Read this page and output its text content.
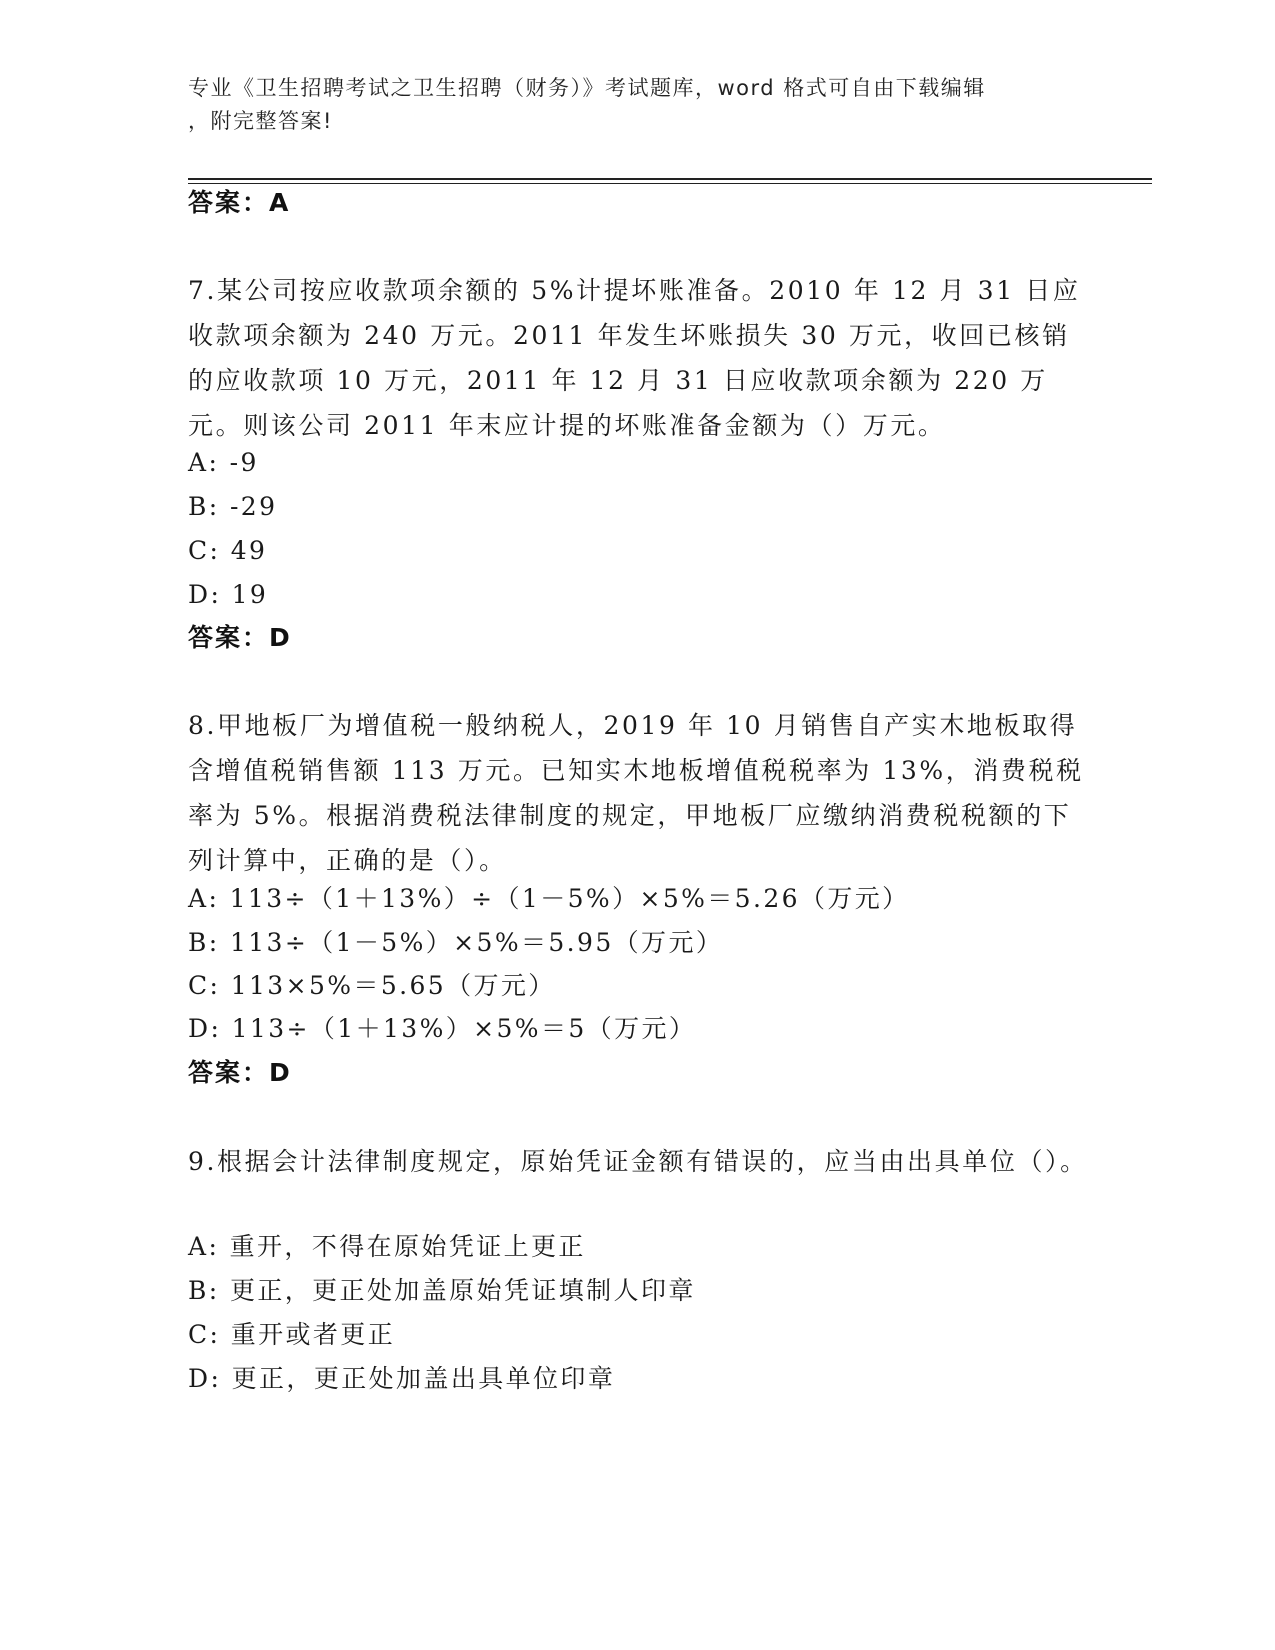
专业《卫生招聘考试之卫生招聘（财务）》考试题库，word 格式可自由下载编辑
，附完整答案!
答案：A
7.某公司按应收款项余额的 5%计提坏账准备。2010 年 12 月 31 日应收款项余额为 240 万元。2011 年发生坏账损失 30 万元，收回已核销的应收款项 10 万元，2011 年 12 月 31 日应收款项余额为 220 万元。则该公司 2011 年末应计提的坏账准备金额为（）万元。
A: -9
B: -29
C: 49
D: 19
答案：D
8.甲地板厂为增值税一般纳税人，2019 年 10 月销售自产实木地板取得含增值税销售额 113 万元。已知实木地板增值税税率为 13%，消费税税率为 5%。根据消费税法律制度的规定，甲地板厂应缴纳消费税税额的下列计算中，正确的是（）。
A: 113÷（1＋13%）÷（1－5%）×5%＝5.26（万元）
B: 113÷（1－5%）×5%＝5.95（万元）
C: 113×5%＝5.65（万元）
D: 113÷（1＋13%）×5%＝5（万元）
答案：D
9.根据会计法律制度规定，原始凭证金额有错误的，应当由出具单位（）。
A: 重开，不得在原始凭证上更正
B: 更正，更正处加盖原始凭证填制人印章
C: 重开或者更正
D: 更正，更正处加盖出具单位印章
